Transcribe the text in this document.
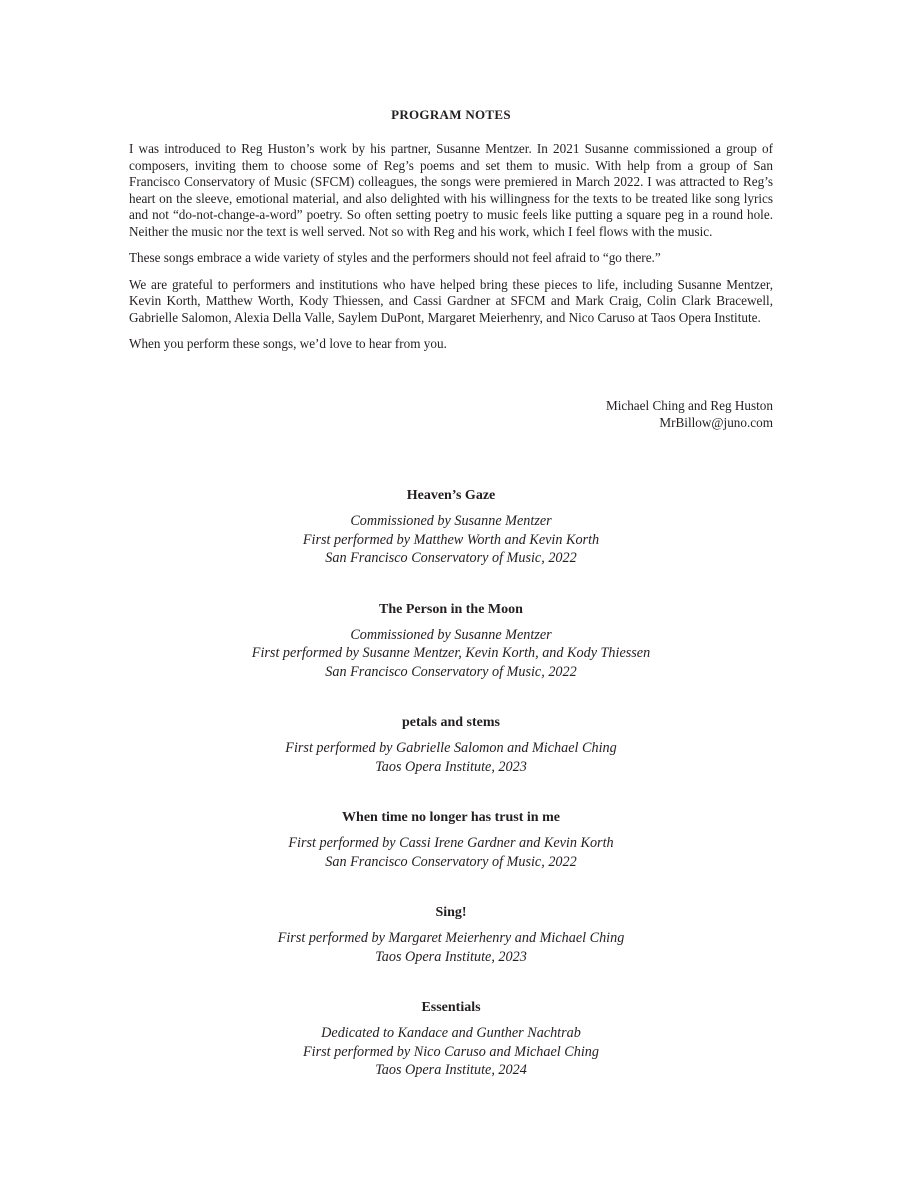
PROGRAM NOTES

I was introduced to Reg Huston’s work by his partner, Susanne Mentzer. In 2021 Susanne commissioned a group of composers, inviting them to choose some of Reg’s poems and set them to music. With help from a group of San Francisco Conservatory of Music (SFCM) colleagues, the songs were premiered in March 2022. I was attracted to Reg’s heart on the sleeve, emotional material, and also delighted with his willingness for the texts to be treated like song lyrics and not “do-not-change-a-word” poetry. So often setting poetry to music feels like putting a square peg in a round hole. Neither the music nor the text is well served. Not so with Reg and his work, which I feel flows with the music.

These songs embrace a wide variety of styles and the performers should not feel afraid to “go there.”

We are grateful to performers and institutions who have helped bring these pieces to life, including Susanne Mentzer, Kevin Korth, Matthew Worth, Kody Thiessen, and Cassi Gardner at SFCM and Mark Craig, Colin Clark Bracewell, Gabrielle Salomon, Alexia Della Valle, Saylem DuPont, Margaret Meierhenry, and Nico Caruso at Taos Opera Institute.

When you perform these songs, we’d love to hear from you.

Michael Ching and Reg Huston
MrBillow@juno.com
Heaven’s Gaze
Commissioned by Susanne Mentzer
First performed by Matthew Worth and Kevin Korth
San Francisco Conservatory of Music, 2022
The Person in the Moon
Commissioned by Susanne Mentzer
First performed by Susanne Mentzer, Kevin Korth, and Kody Thiessen
San Francisco Conservatory of Music, 2022
petals and stems
First performed by Gabrielle Salomon and Michael Ching
Taos Opera Institute, 2023
When time no longer has trust in me
First performed by Cassi Irene Gardner and Kevin Korth
San Francisco Conservatory of Music, 2022
Sing!
First performed by Margaret Meierhenry and Michael Ching
Taos Opera Institute, 2023
Essentials
Dedicated to Kandace and Gunther Nachtrab
First performed by Nico Caruso and Michael Ching
Taos Opera Institute, 2024
